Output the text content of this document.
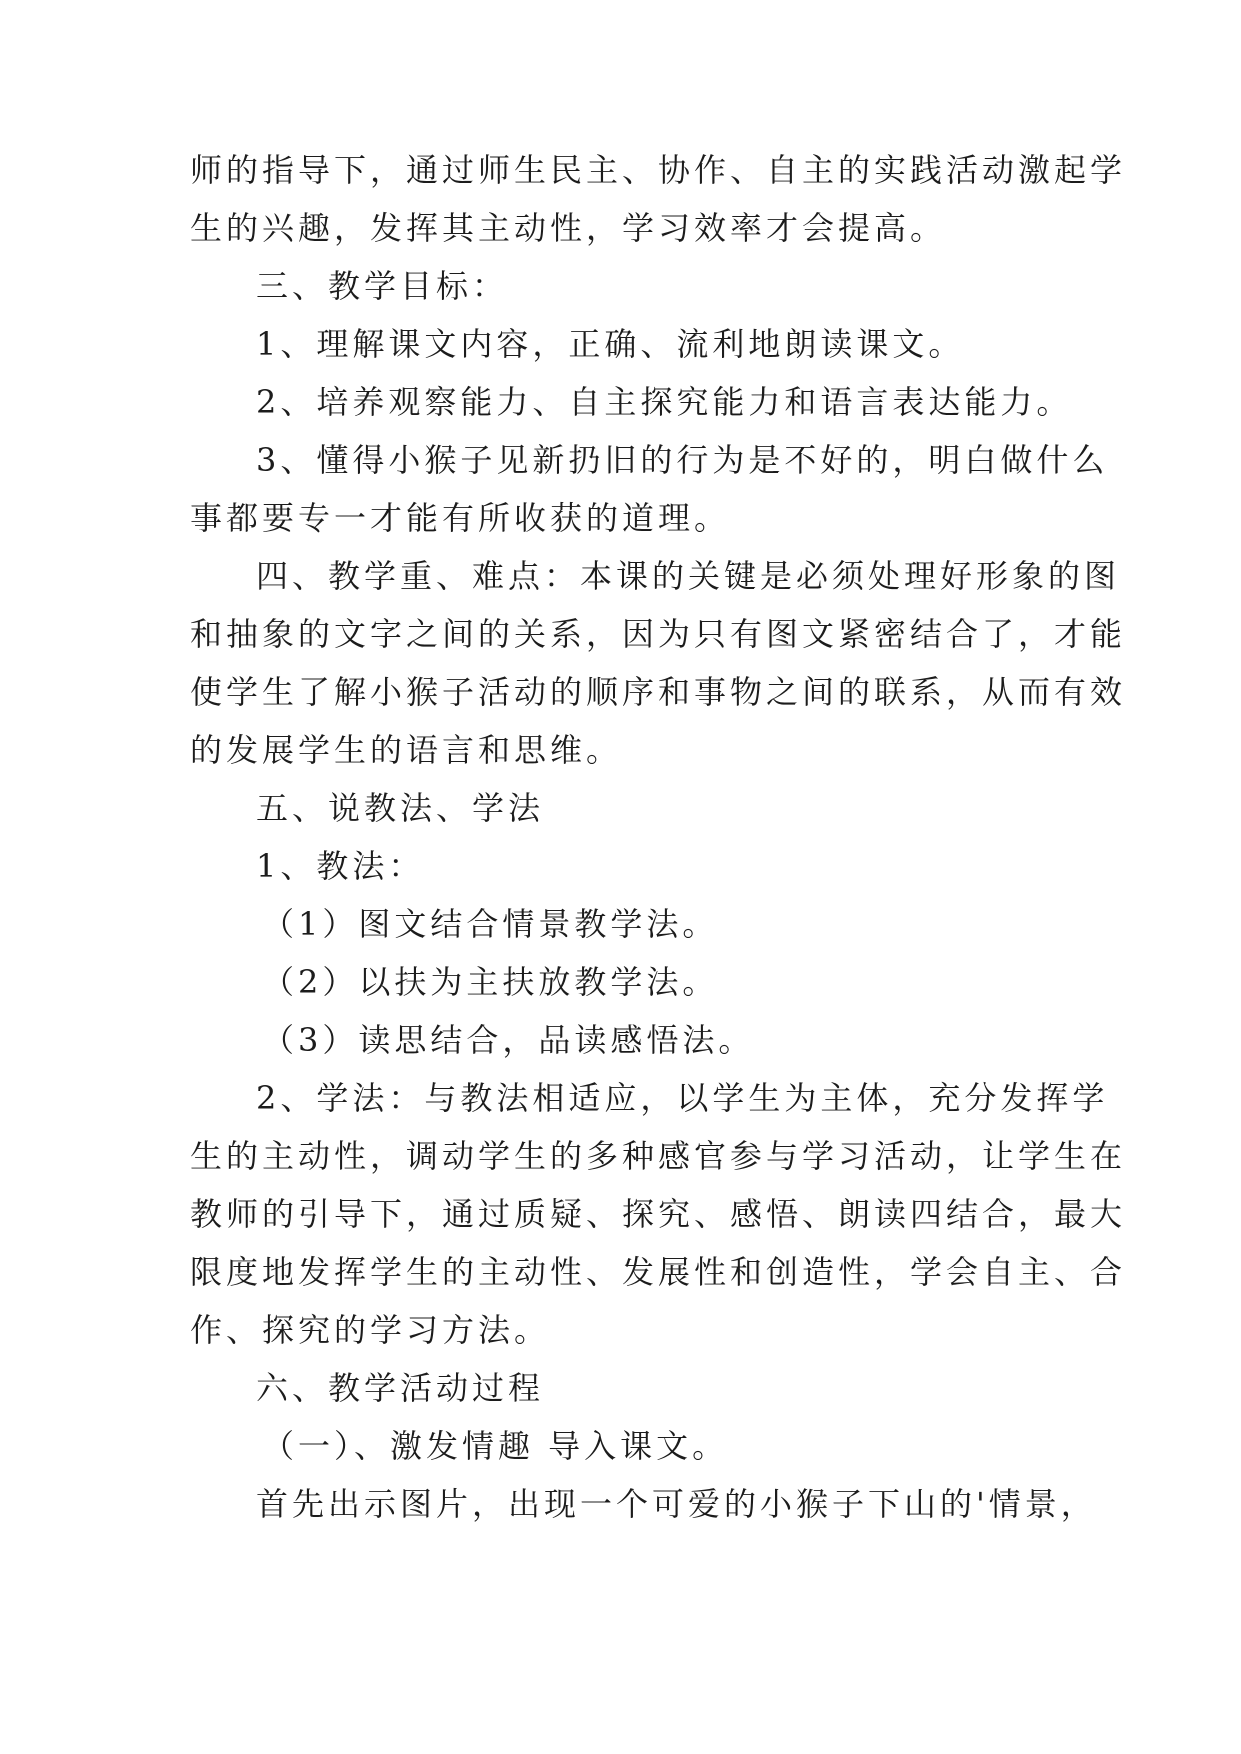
师的指导下，通过师生民主、协作、自主的实践活动激起学
生的兴趣，发挥其主动性，学习效率才会提高。
三、教学目标：
1、理解课文内容，正确、流利地朗读课文。
2、培养观察能力、自主探究能力和语言表达能力。
3、懂得小猴子见新扔旧的行为是不好的，明白做什么
事都要专一才能有所收获的道理。
四、教学重、难点：本课的关键是必须处理好形象的图
和抽象的文字之间的关系，因为只有图文紧密结合了，才能
使学生了解小猴子活动的顺序和事物之间的联系，从而有效
的发展学生的语言和思维。
五、说教法、学法
1、教法：
（1）图文结合情景教学法。
（2）以扶为主扶放教学法。
（3）读思结合，品读感悟法。
2、学法：与教法相适应，以学生为主体，充分发挥学
生的主动性，调动学生的多种感官参与学习活动，让学生在
教师的引导下，通过质疑、探究、感悟、朗读四结合，最大
限度地发挥学生的主动性、发展性和创造性，学会自主、合
作、探究的学习方法。
六、教学活动过程
（一）、激发情趣 导入课文。
首先出示图片，出现一个可爱的小猴子下山的'情景，
